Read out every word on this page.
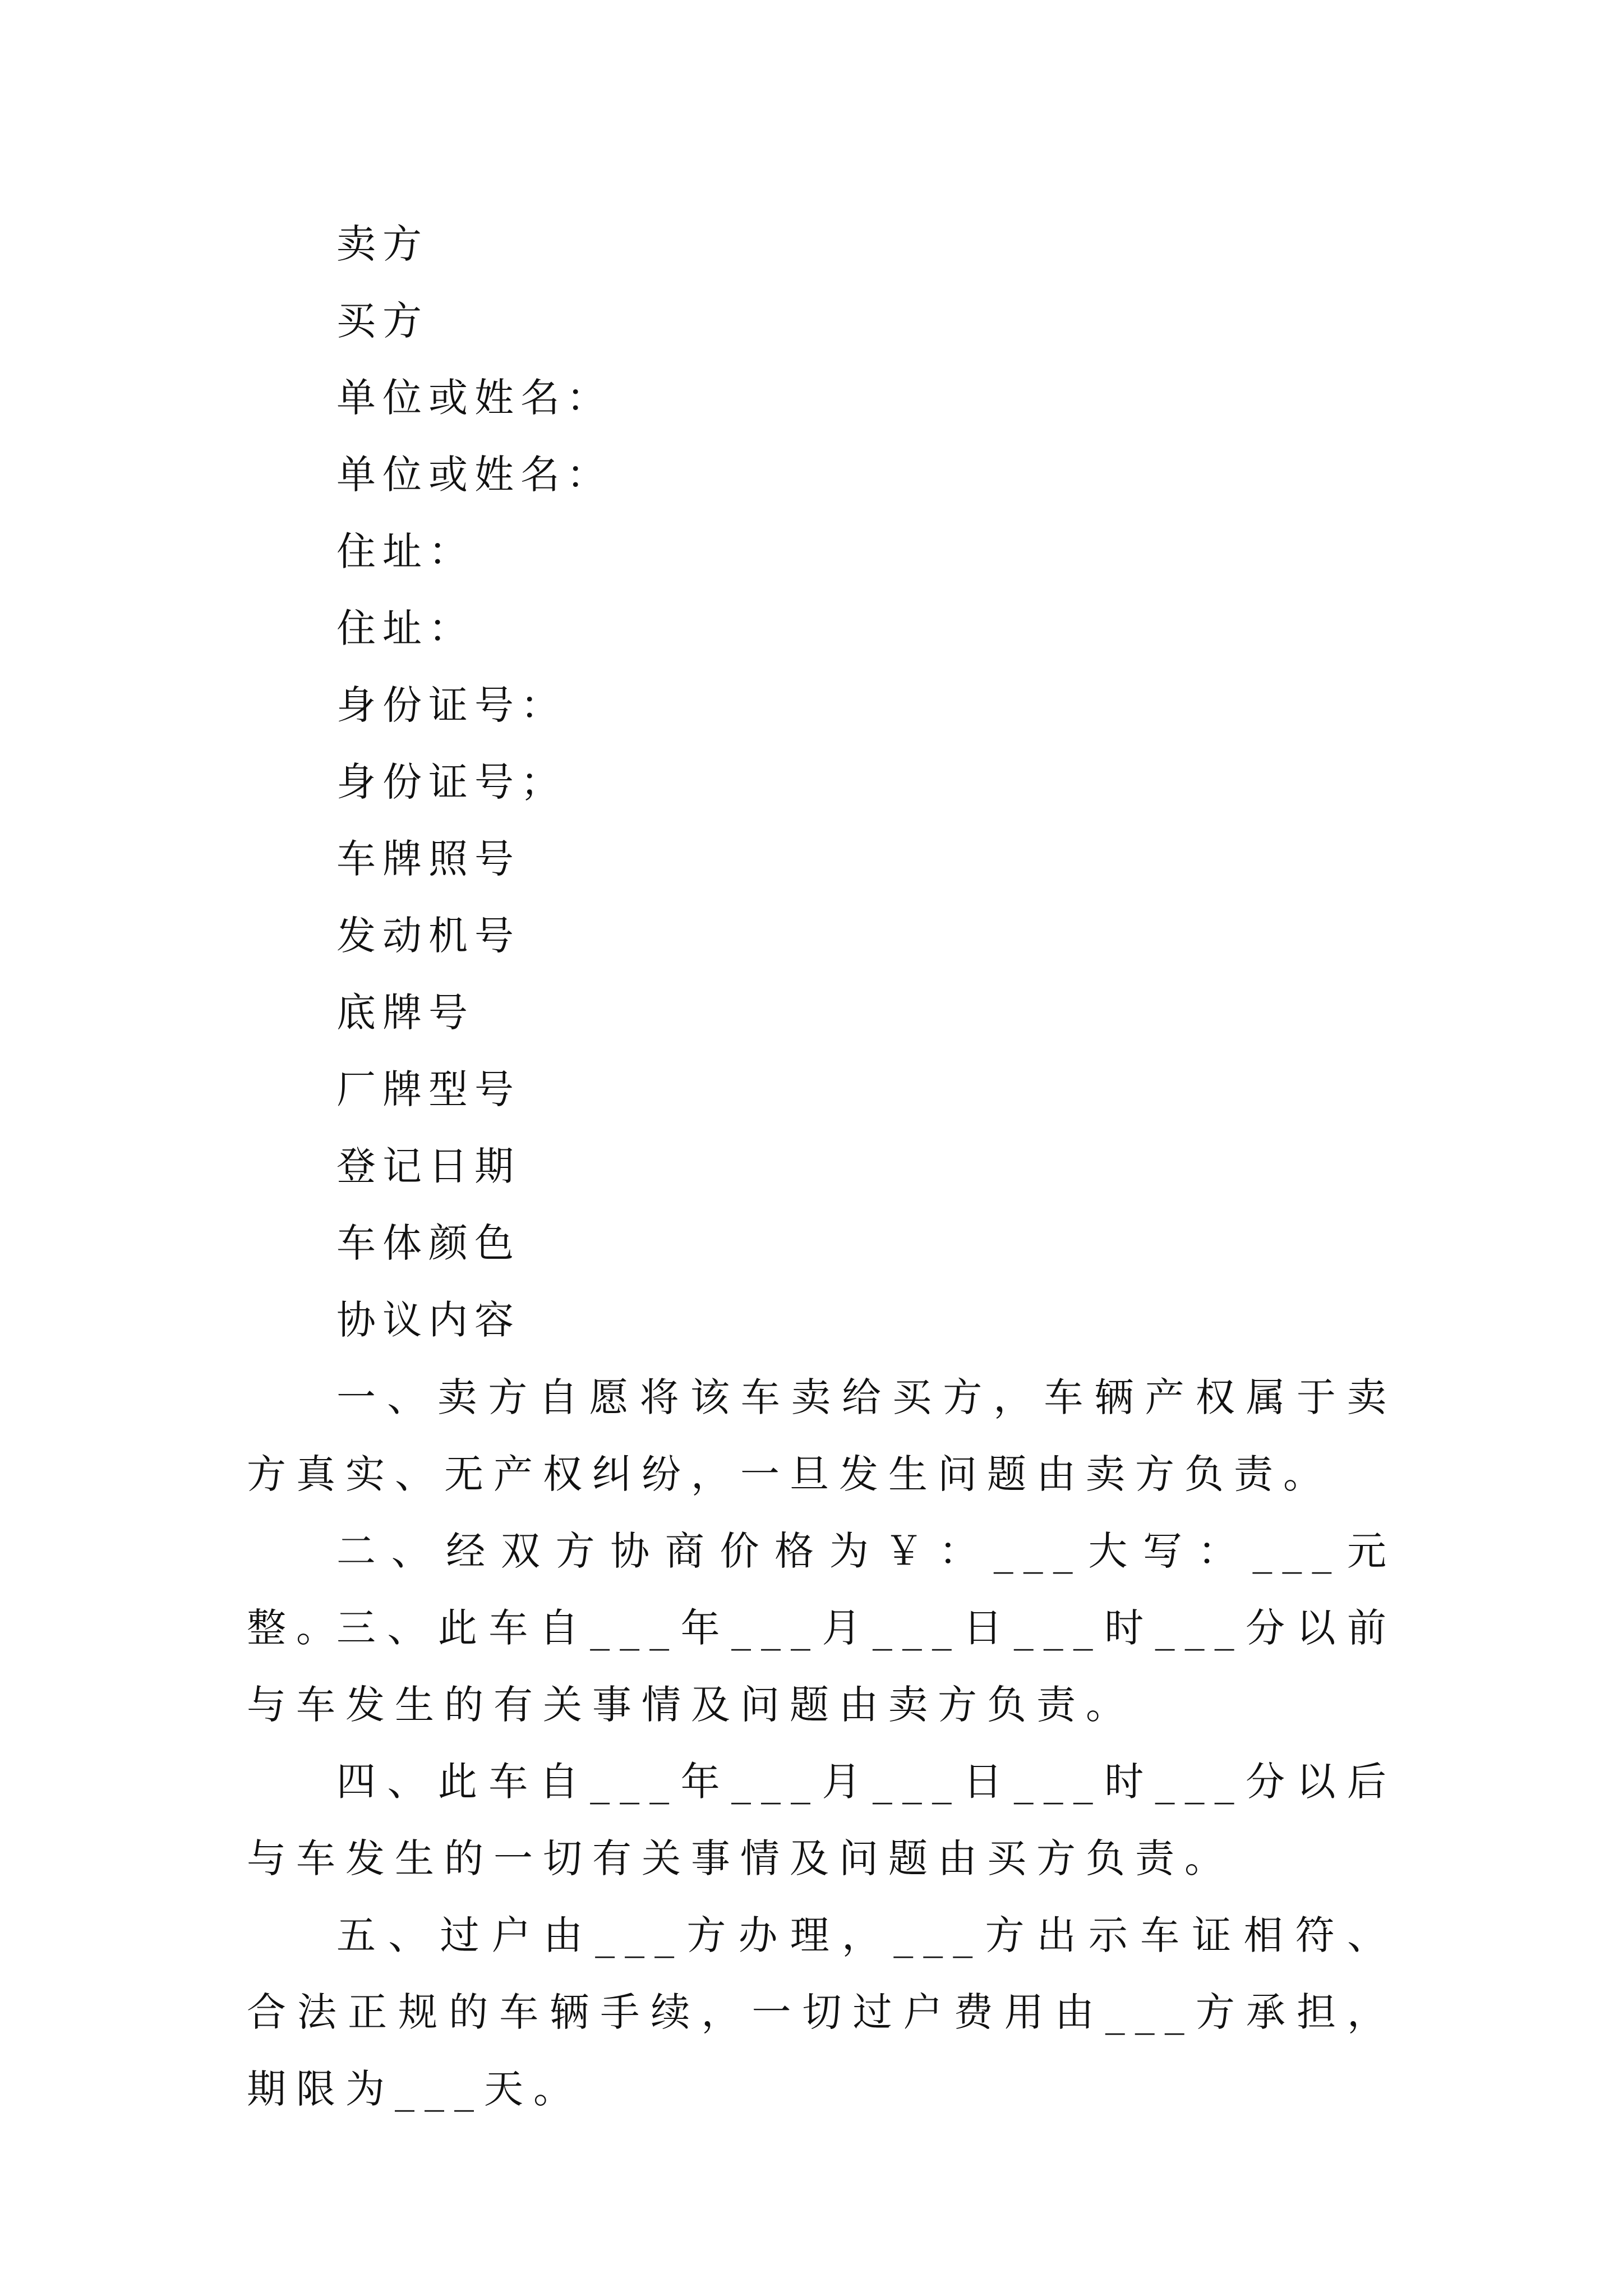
卖方
买方
单位或姓名：
单位或姓名：
住址：
住址：
身份证号：
身份证号；
车牌照号
发动机号
底牌号
厂牌型号
登记日期
车体颜色
协议内容
一、卖方自愿将该车卖给买方，车辆产权属于卖方真实、无产权纠纷，一旦发生问题由卖方负责。
二、经双方协商价格为￥：___大写：___元整。
三、此车自___年___月___日___时___分以前与车发生的有关事情及问题由卖方负责。
四、此车自___年___月___日___时___分以后与车发生的一切有关事情及问题由买方负责。
五、过户由___方办理，___方出示车证相符、合法正规的车辆手续，一切过户费用由___方承担，期限为___天。
